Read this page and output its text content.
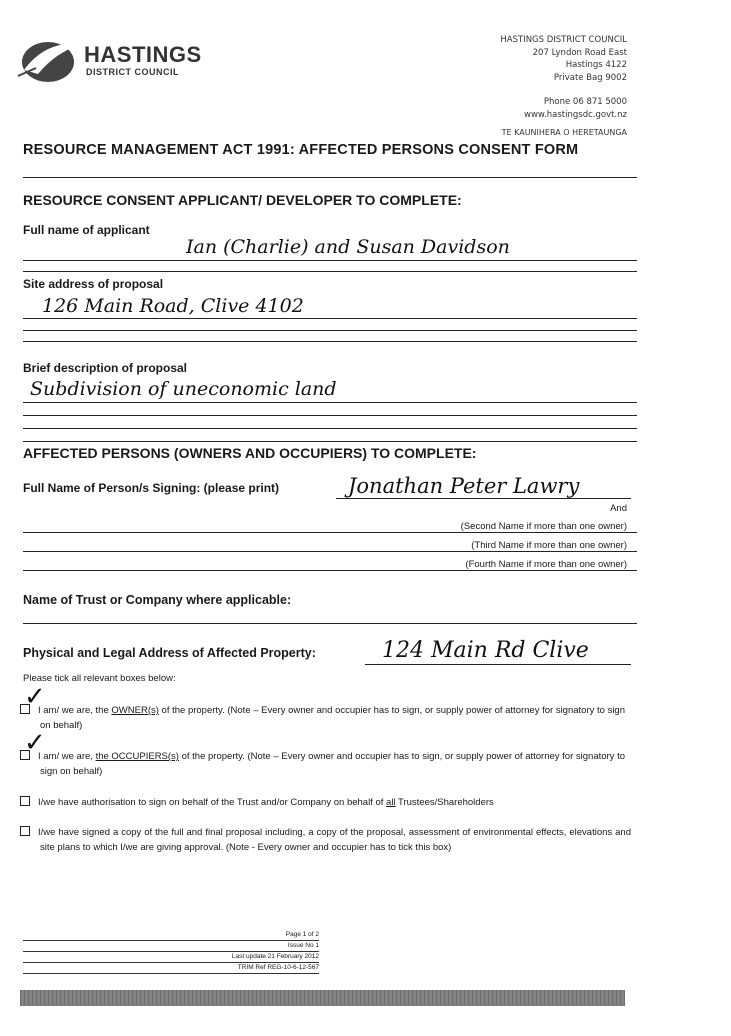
HASTINGS
DISTRICT COUNCIL
HASTINGS DISTRICT COUNCIL
207 Lyndon Road East
Hastings 4122
Private Bag 9002
Phone 06 871 5000
www.hastingsdc.govt.nz
TE KAUNIHERA O HERETAUNGA
RESOURCE MANAGEMENT ACT 1991: AFFECTED PERSONS CONSENT FORM
RESOURCE CONSENT APPLICANT/ DEVELOPER TO COMPLETE:
Full name of applicant
Ian (Charlie) and Susan Davidson
Site address of proposal
126 Main Road, Clive 4102
Brief description of proposal
Subdivision of uneconomic land
AFFECTED PERSONS (OWNERS AND OCCUPIERS) TO COMPLETE:
Full Name of Person/s Signing: (please print)	Jonathan Peter Lawry
And
(Second Name if more than one owner)
(Third Name if more than one owner)
(Fourth Name if more than one owner)
Name of Trust or Company where applicable:
Physical and Legal Address of Affected Property:	124 Main Rd Clive
Please tick all relevant boxes below:
I am/ we are, the OWNER(s) of the property. (Note – Every owner and occupier has to sign, or supply power of attorney for signatory to sign on behalf)
✓
I am/ we are, the OCCUPIERS(s) of the property. (Note – Every owner and occupier has to sign, or supply power of attorney for signatory to sign on behalf)
✓
I/we have authorisation to sign on behalf of the Trust and/or Company on behalf of all Trustees/Shareholders
I/we have signed a copy of the full and final proposal including, a copy of the proposal, assessment of environmental effects, elevations and site plans to which I/we are giving approval. (Note - Every owner and occupier has to tick this box)
Page 1 of 2
Issue No 1
Last update 21 February 2012
TRIM Ref REG-10-6-12-567
